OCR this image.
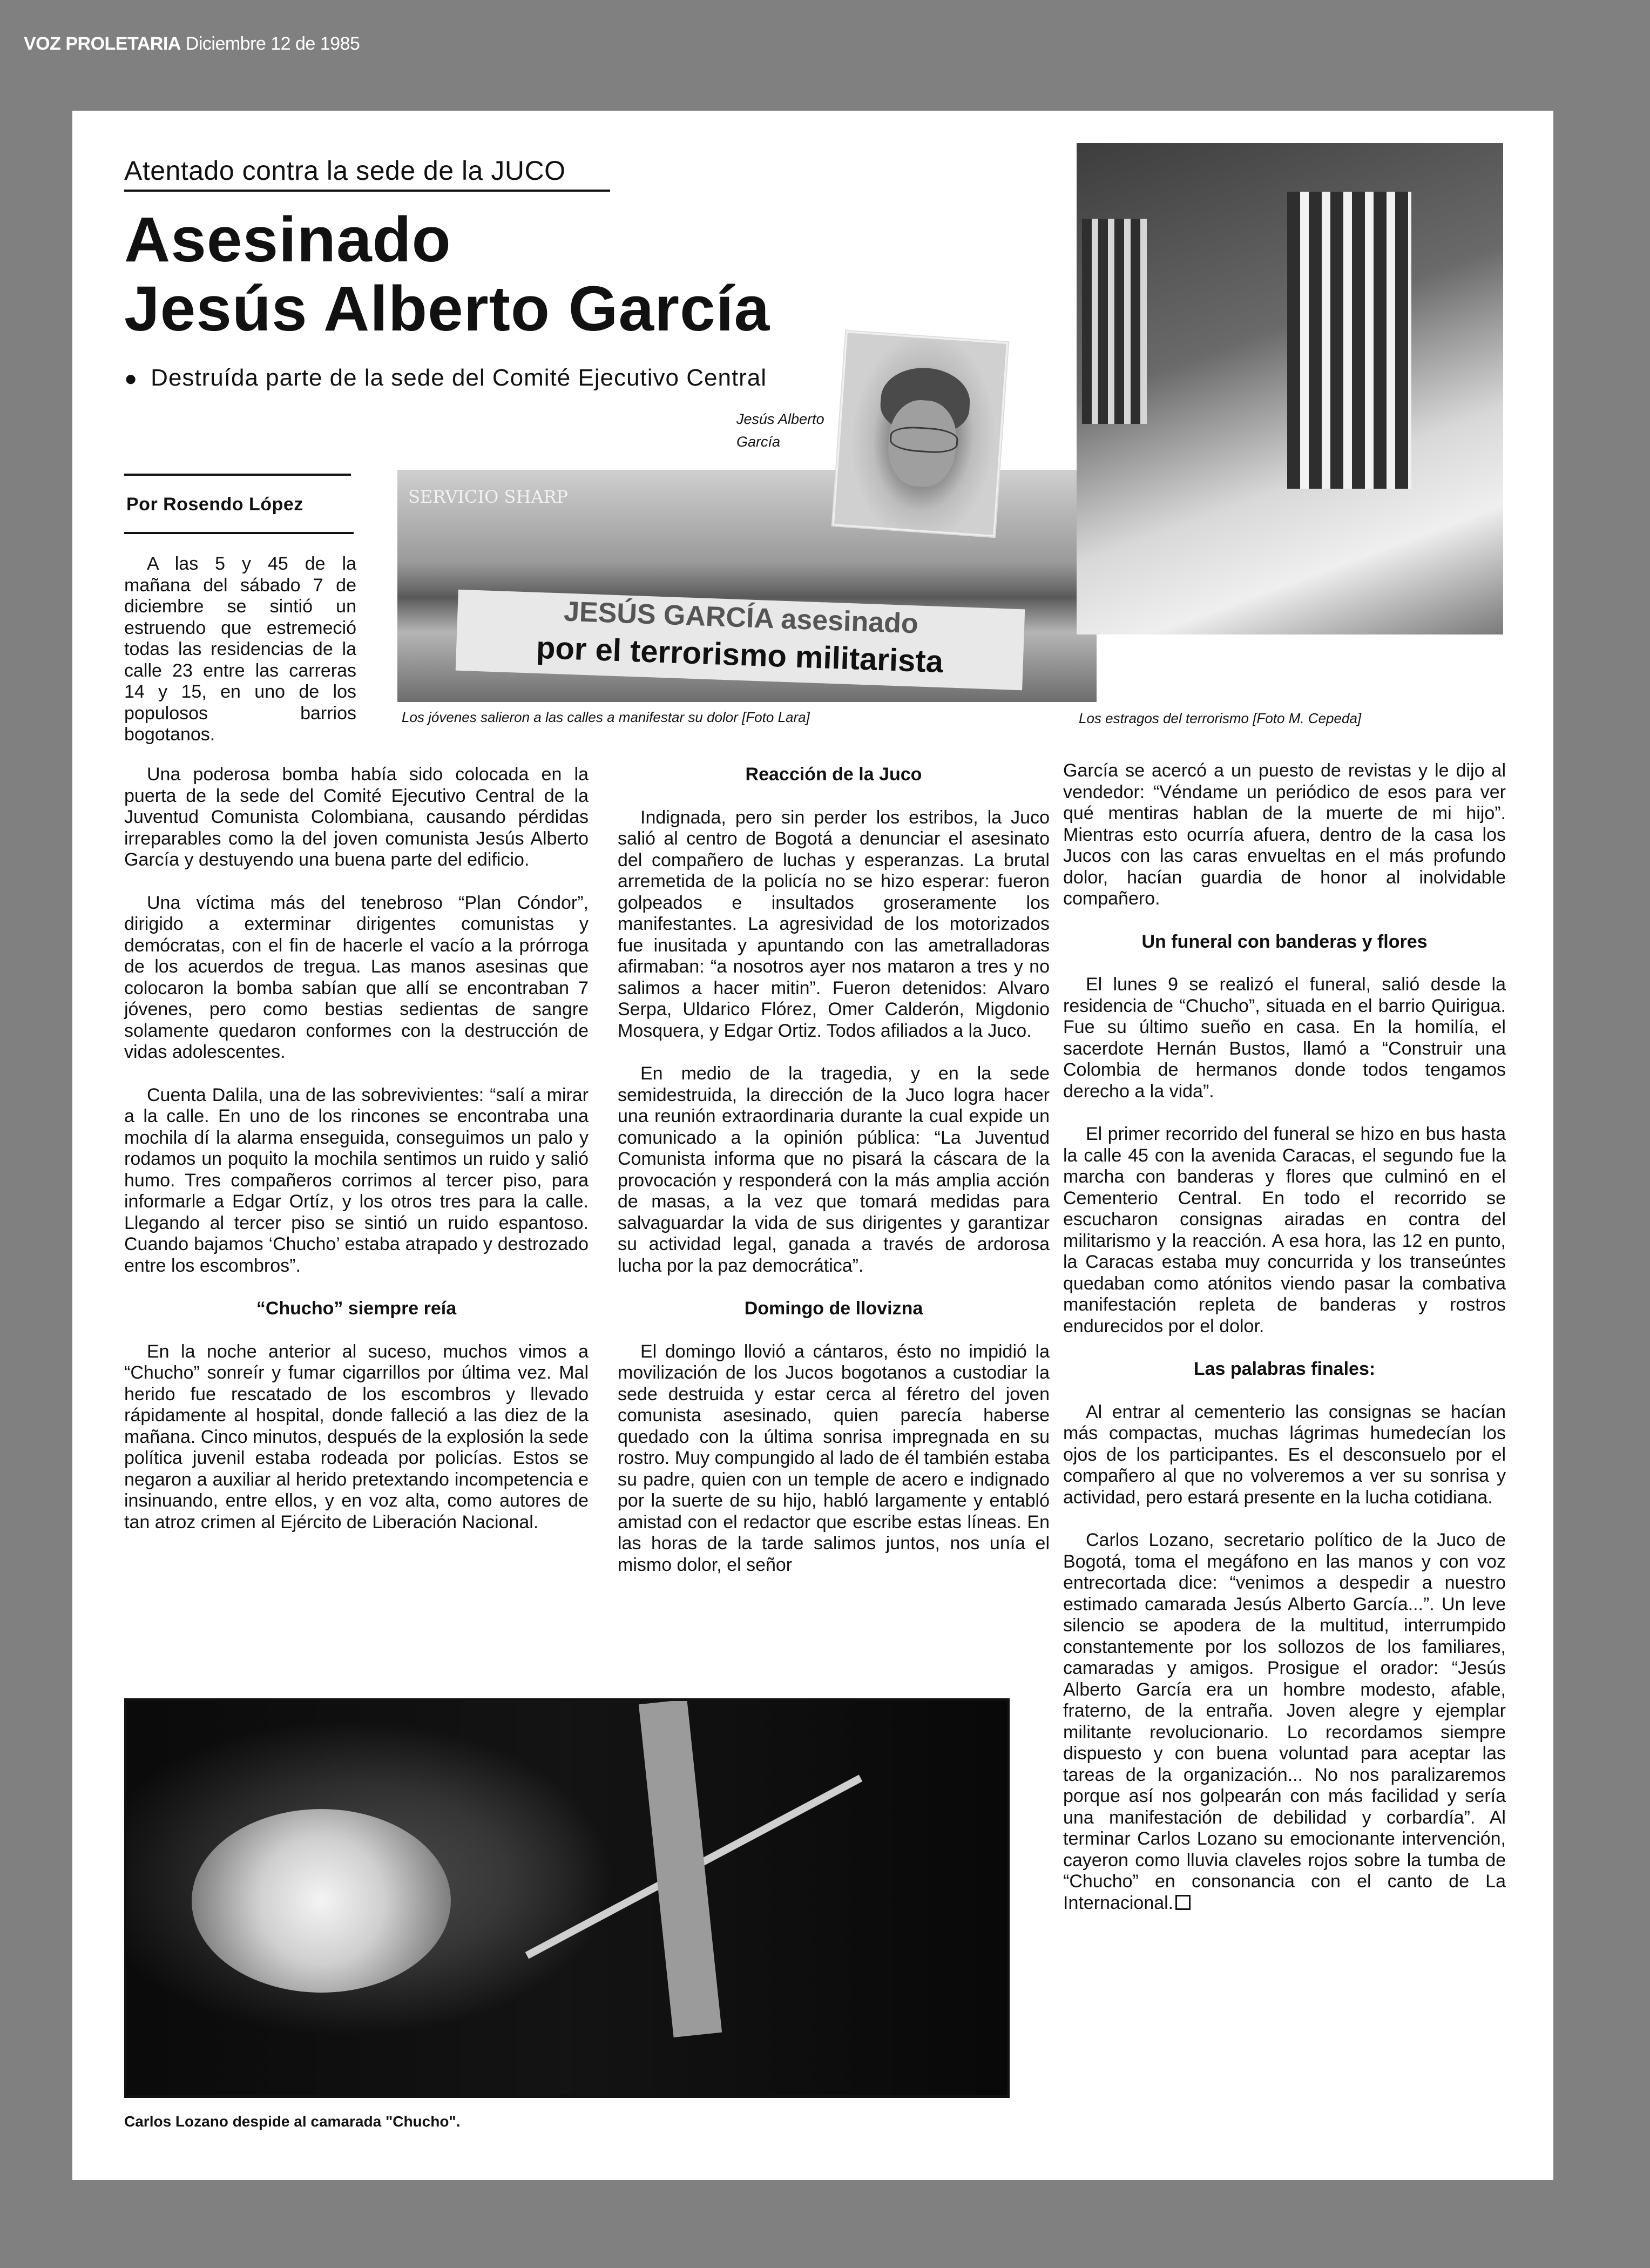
VOZ PROLETARIA Diciembre 12 de 1985
Atentado contra la sede de la JUCO
Asesinado
Jesús Alberto García
● Destruída parte de la sede del Comité Ejecutivo Central
SERVICIO SHARP
JESÚS GARCÍA asesinado
por el terrorismo militarista
Los jóvenes salieron a las calles a manifestar su dolor [Foto Lara]
Jesús Alberto García
Los estragos del terrorismo [Foto M. Cepeda]
Por Rosendo López

A las 5 y 45 de la mañana del sábado 7 de diciembre se sintió un estruendo que estremeció todas las residencias de la calle 23 entre las carreras 14 y 15, en uno de los populosos barrios bogotanos.

Una poderosa bomba había sido colocada en la puerta de la sede del Comité Ejecutivo Central de la Juventud Comunista Colombiana, causando pérdidas irreparables como la del joven comunista Jesús Alberto García y destuyendo una buena parte del edificio.

Una víctima más del tenebroso “Plan Cóndor”, dirigido a exterminar dirigentes comunistas y demócratas, con el fin de hacerle el vacío a la prórroga de los acuerdos de tregua. Las manos asesinas que colocaron la bomba sabían que allí se encontraban 7 jóvenes, pero como bestias sedientas de sangre solamente quedaron conformes con la destrucción de vidas adolescentes.

Cuenta Dalila, una de las sobrevivientes: “salí a mirar a la calle. En uno de los rincones se encontraba una mochila dí la alarma enseguida, conseguimos un palo y rodamos un poquito la mochila sentimos un ruido y salió humo. Tres compañeros corrimos al tercer piso, para informarle a Edgar Ortíz, y los otros tres para la calle. Llegando al tercer piso se sintió un ruido espantoso. Cuando bajamos ‘Chucho’ estaba atrapado y destrozado entre los escombros”.

“Chucho” siempre reía

En la noche anterior al suceso, muchos vimos a “Chucho” sonreír y fumar cigarrillos por última vez. Mal herido fue rescatado de los escombros y llevado rápidamente al hospital, donde falleció a las diez de la mañana. Cinco minutos, después de la explosión la sede política juvenil estaba rodeada por policías. Estos se negaron a auxiliar al herido pretextando incompetencia e insinuando, entre ellos, y en voz alta, como autores de tan atroz crimen al Ejército de Liberación Nacional.

Reacción de la Juco

Indignada, pero sin perder los estribos, la Juco salió al centro de Bogotá a denunciar el asesinato del compañero de luchas y esperanzas. La brutal arremetida de la policía no se hizo esperar: fueron golpeados e insultados groseramente los manifestantes. La agresividad de los motorizados fue inusitada y apuntando con las ametralladoras afirmaban: “a nosotros ayer nos mataron a tres y no salimos a hacer mitin”. Fueron detenidos: Alvaro Serpa, Uldarico Flórez, Omer Calderón, Migdonio Mosquera, y Edgar Ortiz. Todos afiliados a la Juco.

En medio de la tragedia, y en la sede semidestruida, la dirección de la Juco logra hacer una reunión extraordinaria durante la cual expide un comunicado a la opinión pública: “La Juventud Comunista informa que no pisará la cáscara de la provocación y responderá con la más amplia acción de masas, a la vez que tomará medidas para salvaguardar la vida de sus dirigentes y garantizar su actividad legal, ganada a través de ardorosa lucha por la paz democrática”.

Domingo de llovizna

El domingo llovió a cántaros, ésto no impidió la movilización de los Jucos bogotanos a custodiar la sede destruida y estar cerca al féretro del joven comunista asesinado, quien parecía haberse quedado con la última sonrisa impregnada en su rostro. Muy compungido al lado de él también estaba su padre, quien con un temple de acero e indignado por la suerte de su hijo, habló largamente y entabló amistad con el redactor que escribe estas líneas. En las horas de la tarde salimos juntos, nos unía el mismo dolor, el señor

García se acercó a un puesto de revistas y le dijo al vendedor: “Véndame un periódico de esos para ver qué mentiras hablan de la muerte de mi hijo”. Mientras esto ocurría afuera, dentro de la casa los Jucos con las caras envueltas en el más profundo dolor, hacían guardia de honor al inolvidable compañero.

Un funeral con banderas y flores

El lunes 9 se realizó el funeral, salió desde la residencia de “Chucho”, situada en el barrio Quirigua. Fue su último sueño en casa. En la homilía, el sacerdote Hernán Bustos, llamó a “Construir una Colombia de hermanos donde todos tengamos derecho a la vida”.

El primer recorrido del funeral se hizo en bus hasta la calle 45 con la avenida Caracas, el segundo fue la marcha con banderas y flores que culminó en el Cementerio Central. En todo el recorrido se escucharon consignas airadas en contra del militarismo y la reacción. A esa hora, las 12 en punto, la Caracas estaba muy concurrida y los transeúntes quedaban como atónitos viendo pasar la combativa manifestación repleta de banderas y rostros endurecidos por el dolor.

Las palabras finales:

Al entrar al cementerio las consignas se hacían más compactas, muchas lágrimas humedecían los ojos de los participantes. Es el desconsuelo por el compañero al que no volveremos a ver su sonrisa y actividad, pero estará presente en la lucha cotidiana.

Carlos Lozano, secretario político de la Juco de Bogotá, toma el megáfono en las manos y con voz entrecortada dice: “venimos a despedir a nuestro estimado camarada Jesús Alberto García...”. Un leve silencio se apodera de la multitud, interrumpido constantemente por los sollozos de los familiares, camaradas y amigos. Prosigue el orador: “Jesús Alberto García era un hombre modesto, afable, fraterno, de la entraña. Joven alegre y ejemplar militante revolucionario. Lo recordamos siempre dispuesto y con buena voluntad para aceptar las tareas de la organización... No nos paralizaremos porque así nos golpearán con más facilidad y sería una manifestación de debilidad y corbardía”. Al terminar Carlos Lozano su emocionante intervención, cayeron como lluvia claveles rojos sobre la tumba de “Chucho” en consonancia con el canto de La Internacional.

Carlos Lozano despide al camarada "Chucho".
